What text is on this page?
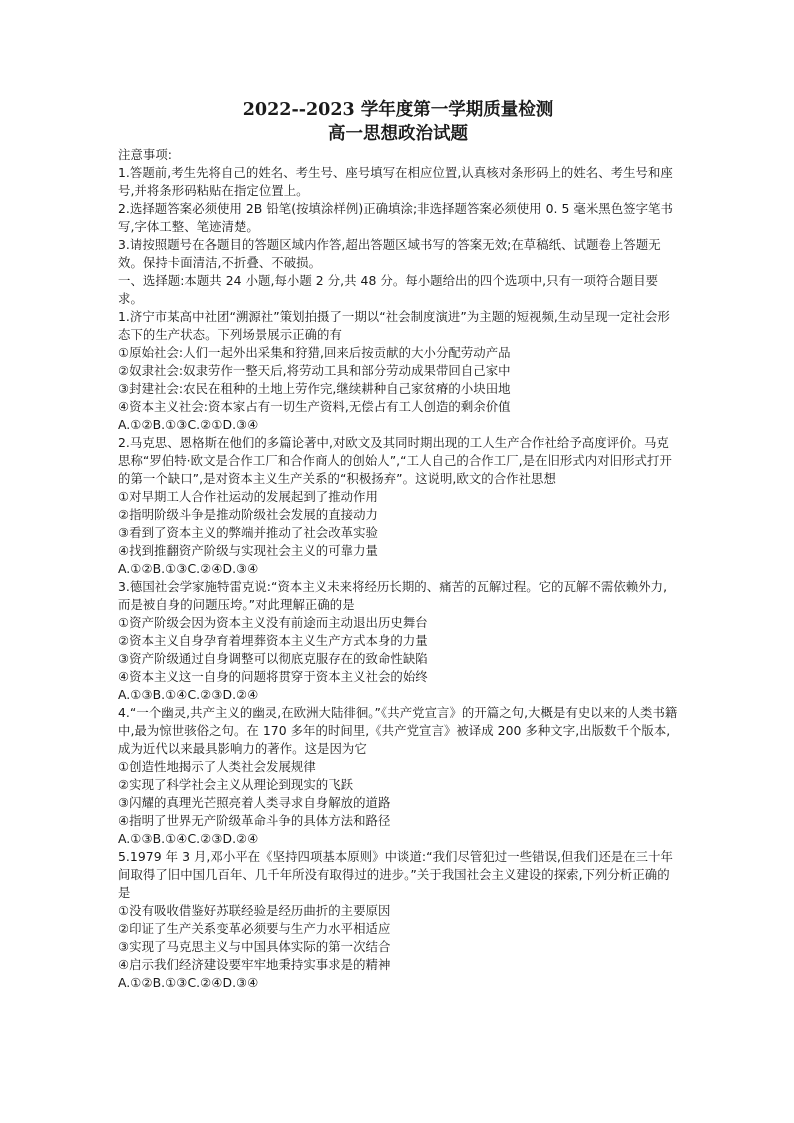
2022--2023 学年度第一学期质量检测
高一思想政治试题

注意事项:

1.答题前,考生先将自己的姓名、考生号、座号填写在相应位置,认真核对条形码上的姓名、考生号和座号,并将条形码粘贴在指定位置上。

2.选择题答案必须使用 2B 铅笔(按填涂样例)正确填涂;非选择题答案必须使用 0. 5 毫米黑色签字笔书写,字体工整、笔迹清楚。

3.请按照题号在各题目的答题区域内作答,超出答题区域书写的答案无效;在草稿纸、试题卷上答题无效。保持卡面清洁,不折叠、不破损。

一、选择题:本题共 24 小题,每小题 2 分,共 48 分。每小题给出的四个选项中,只有一项符合题目要求。

1.济宁市某高中社团“溯源社”策划拍摄了一期以“社会制度演进”为主题的短视频,生动呈现一定社会形态下的生产状态。下列场景展示正确的有

①原始社会:人们一起外出采集和狩猎,回来后按贡献的大小分配劳动产品

②奴隶社会:奴隶劳作一整天后,将劳动工具和部分劳动成果带回自己家中

③封建社会:农民在租种的土地上劳作完,继续耕种自己家贫瘠的小块田地

④资本主义社会:资本家占有一切生产资料,无偿占有工人创造的剩余价值

A.①②B.①③C.②①D.③④

2.马克思、恩格斯在他们的多篇论著中,对欧文及其同时期出现的工人生产合作社给予高度评价。马克思称“罗伯特·欧文是合作工厂和合作商人的创始人”,“工人自己的合作工厂,是在旧形式内对旧形式打开的第一个缺口”,是对资本主义生产关系的“积极扬弃”。这说明,欧文的合作社思想

①对早期工人合作社运动的发展起到了推动作用

②指明阶级斗争是推动阶级社会发展的直接动力

③看到了资本主义的弊端并推动了社会改革实验

④找到推翻资产阶级与实现社会主义的可靠力量

A.①②B.①③C.②④D.③④

3.德国社会学家施特雷克说:“资本主义未来将经历长期的、痛苦的瓦解过程。它的瓦解不需依赖外力,而是被自身的问题压垮。”对此理解正确的是

①资产阶级会因为资本主义没有前途而主动退出历史舞台

②资本主义自身孕育着埋葬资本主义生产方式本身的力量

③资产阶级通过自身调整可以彻底克服存在的致命性缺陷

④资本主义这一自身的问题将贯穿于资本主义社会的始终

A.①③B.①④C.②③D.②④

4.“一个幽灵,共产主义的幽灵,在欧洲大陆徘徊。”《共产党宣言》的开篇之句,大概是有史以来的人类书籍中,最为惊世骇俗之句。在 170 多年的时间里,《共产党宣言》被译成 200 多种文字,出版数千个版本,成为近代以来最具影响力的著作。这是因为它

①创造性地揭示了人类社会发展规律

②实现了科学社会主义从理论到现实的飞跃

③闪耀的真理光芒照亮着人类寻求自身解放的道路

④指明了世界无产阶级革命斗争的具体方法和路径

A.①③B.①④C.②③D.②④

5.1979 年 3 月,邓小平在《坚持四项基本原则》中谈道:“我们尽管犯过一些错误,但我们还是在三十年间取得了旧中国几百年、几千年所没有取得过的进步。”关于我国社会主义建设的探索,下列分析正确的是

①没有吸收借鉴好苏联经验是经历曲折的主要原因

②印证了生产关系变革必须要与生产力水平相适应

③实现了马克思主义与中国具体实际的第一次结合

④启示我们经济建设要牢牢地秉持实事求是的精神

A.①②B.①③C.②④D.③④
